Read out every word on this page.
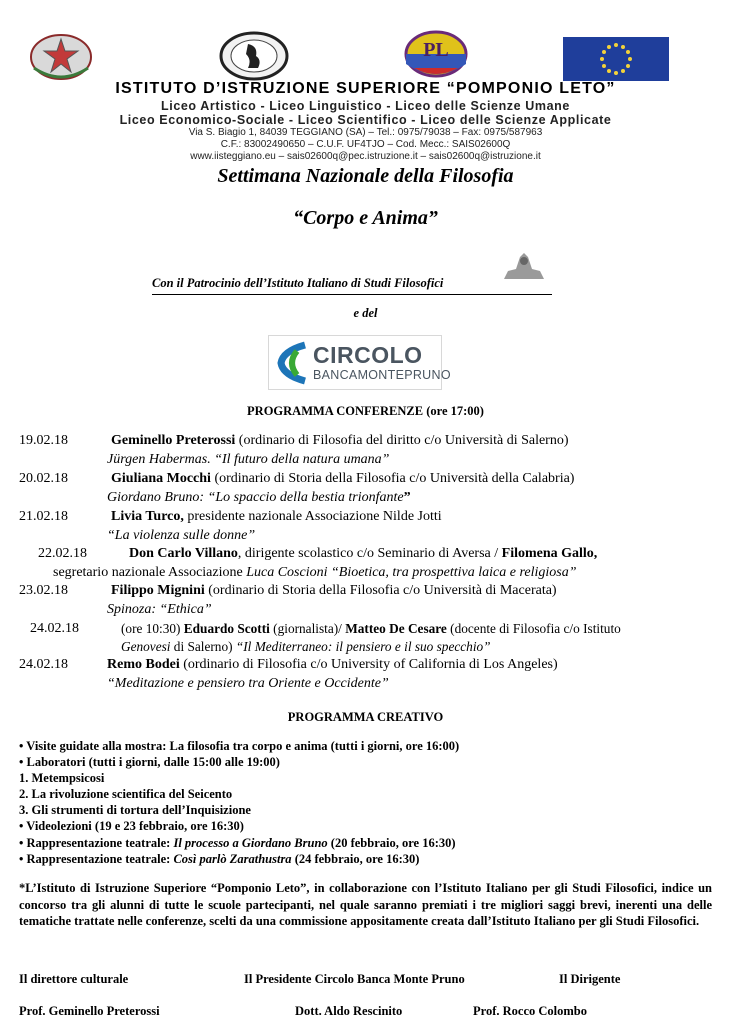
PL
ISTITUTO D’ISTRUZIONE SUPERIORE “POMPONIO LETO”
Liceo Artistico - Liceo Linguistico - Liceo delle Scienze Umane
Liceo Economico-Sociale - Liceo Scientifico - Liceo delle Scienze Applicate
Via S. Biagio 1, 84039 TEGGIANO (SA) – Tel.: 0975/79038 – Fax: 0975/587963
C.F.: 83002490650 – C.U.F. UF4TJO – Cod. Mecc.: SAIS02600Q
www.iisteggiano.eu – sais02600q@pec.istruzione.it – sais02600q@istruzione.it
Settimana Nazionale della Filosofia
“Corpo e Anima”
Con il Patrocinio dell’Istituto Italiano di Studi Filosofici
e del
CIRCOLO
BANCAMONTEPRUNO
PROGRAMMA CONFERENZE (ore 17:00)
19.02.18	Geminello Preterossi (ordinario di Filosofia del diritto c/o Università di Salerno)
Jürgen Habermas. “Il futuro della natura umana”
20.02.18	Giuliana Mocchi (ordinario di Storia della Filosofia c/o Università della Calabria)
Giordano Bruno: “Lo spaccio della bestia trionfante”
21.02.18	Livia Turco, presidente nazionale Associazione Nilde Jotti
“La violenza sulle donne”
22.02.18	Don Carlo Villano, dirigente scolastico c/o Seminario di Aversa / Filomena Gallo,
segretario nazionale Associazione Luca Coscioni “Bioetica, tra prospettiva laica e religiosa”
23.02.18	Filippo Mignini (ordinario di Storia della Filosofia c/o Università di Macerata)
Spinoza: “Ethica”
24.02.18	(ore 10:30) Eduardo Scotti (giornalista)/ Matteo De Cesare (docente di Filosofia c/o Istituto
Genovesi di Salerno) “Il Mediterraneo: il pensiero e il suo specchio”
24.02.18	Remo Bodei (ordinario di Filosofia c/o University of California di Los Angeles)
“Meditazione e pensiero tra Oriente e Occidente”
PROGRAMMA CREATIVO
• Visite guidate alla mostra: La filosofia tra corpo e anima (tutti i giorni, ore 16:00)
• Laboratori (tutti i giorni, dalle 15:00 alle 19:00)
1. Metempsicosi
2. La rivoluzione scientifica del Seicento
3. Gli strumenti di tortura dell’Inquisizione
• Videolezioni (19 e 23 febbraio, ore 16:30)
• Rappresentazione teatrale: Il processo a Giordano Bruno (20 febbraio, ore 16:30)
• Rappresentazione teatrale: Così parlò Zarathustra (24 febbraio, ore 16:30)
*L’Istituto di Istruzione Superiore “Pomponio Leto”, in collaborazione con l’Istituto Italiano per gli Studi Filosofici, indice un concorso tra gli alunni di tutte le scuole partecipanti, nel quale saranno premiati i tre migliori saggi brevi, inerenti una delle tematiche trattate nelle conferenze, scelti da una commissione appositamente creata dall’Istituto Italiano per gli Studi Filosofici.
Il direttore culturale	Il Presidente Circolo Banca Monte Pruno	Il Dirigente
Prof. Geminello Preterossi	Dott. Aldo Rescinito	Prof. Rocco Colombo
